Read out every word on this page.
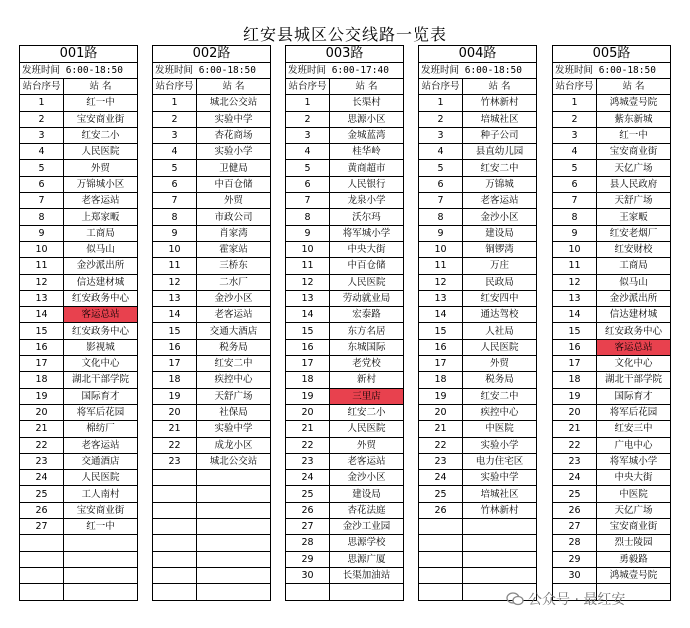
红安县城区公交线路一览表
001路
发班时间 6:00-18:50
站台序号	站 名
1	红一中
2	宝安商业街
3	红安二小
4	人民医院
5	外贸
6	万锦城小区
7	老客运站
8	上郑家畈
9	工商局
10	似马山
11	金沙派出所
12	信达建材城
13	红安政务中心
14	客运总站
15	红安政务中心
16	影视城
17	文化中心
18	湖北干部学院
19	国际育才
20	将军后花园
21	棉纺厂
22	老客运站
23	交通酒店
24	人民医院
25	工人南村
26	宝安商业街
27	红一中

002路
发班时间 6:00-18:50
站台序号	站 名
1	城北公交站
2	实验中学
3	杏花商场
4	实验小学
5	卫健局
6	中百仓储
7	外贸
8	市政公司
9	肖家湾
10	霍家站
11	三桥东
12	二水厂
13	金沙小区
14	老客运站
15	交通大酒店
16	税务局
17	红安二中
18	疾控中心
19	天舒广场
20	社保局
21	实验中学
22	成龙小区
23	城北公交站

003路
发班时间 6:00-17:40
站台序号	站 名
1	长渠村
2	思源小区
3	金城蓝湾
4	桂华岭
5	黄商超市
6	人民银行
7	龙泉小学
8	沃尔玛
9	将军城小学
10	中央大街
11	中百仓储
12	人民医院
13	劳动就业局
14	宏泰路
15	东方名居
16	东城国际
17	老党校
18	新村
19	三里店
20	红安二小
21	人民医院
22	外贸
23	老客运站
24	金沙小区
25	建设局
26	杏花法庭
27	金沙工业园
28	思源学校
29	思源广厦
30	长渠加油站

004路
发班时间 6:00-18:50
站台序号	站 名
1	竹林新村
2	培城社区
3	种子公司
4	县直幼儿园
5	红安二中
6	万锦城
7	老客运站
8	金沙小区
9	建设局
10	铜锣湾
11	万庄
12	民政局
13	红安四中
14	通达驾校
15	人社局
16	人民医院
17	外贸
18	税务局
19	红安二中
20	疾控中心
21	中医院
22	实验小学
23	电力住宅区
24	实验中学
25	培城社区
26	竹林新村

005路
发班时间 6:00-18:50
站台序号	站 名
1	鸿城壹号院
2	紫东新城
3	红一中
4	宝安商业街
5	天亿广场
6	县人民政府
7	天舒广场
8	王家畈
9	红安老烟厂
10	红安财校
11	工商局
12	似马山
13	金沙派出所
14	信达建材城
15	红安政务中心
16	客运总站
17	文化中心
18	湖北干部学院
19	国际育才
20	将军后花园
21	红安三中
22	广电中心
23	将军城小学
24	中央大街
25	中医院
26	天亿广场
27	宝安商业街
28	烈士陵园
29	勇毅路
30	鸿城壹号院

公众号 · 最红安
